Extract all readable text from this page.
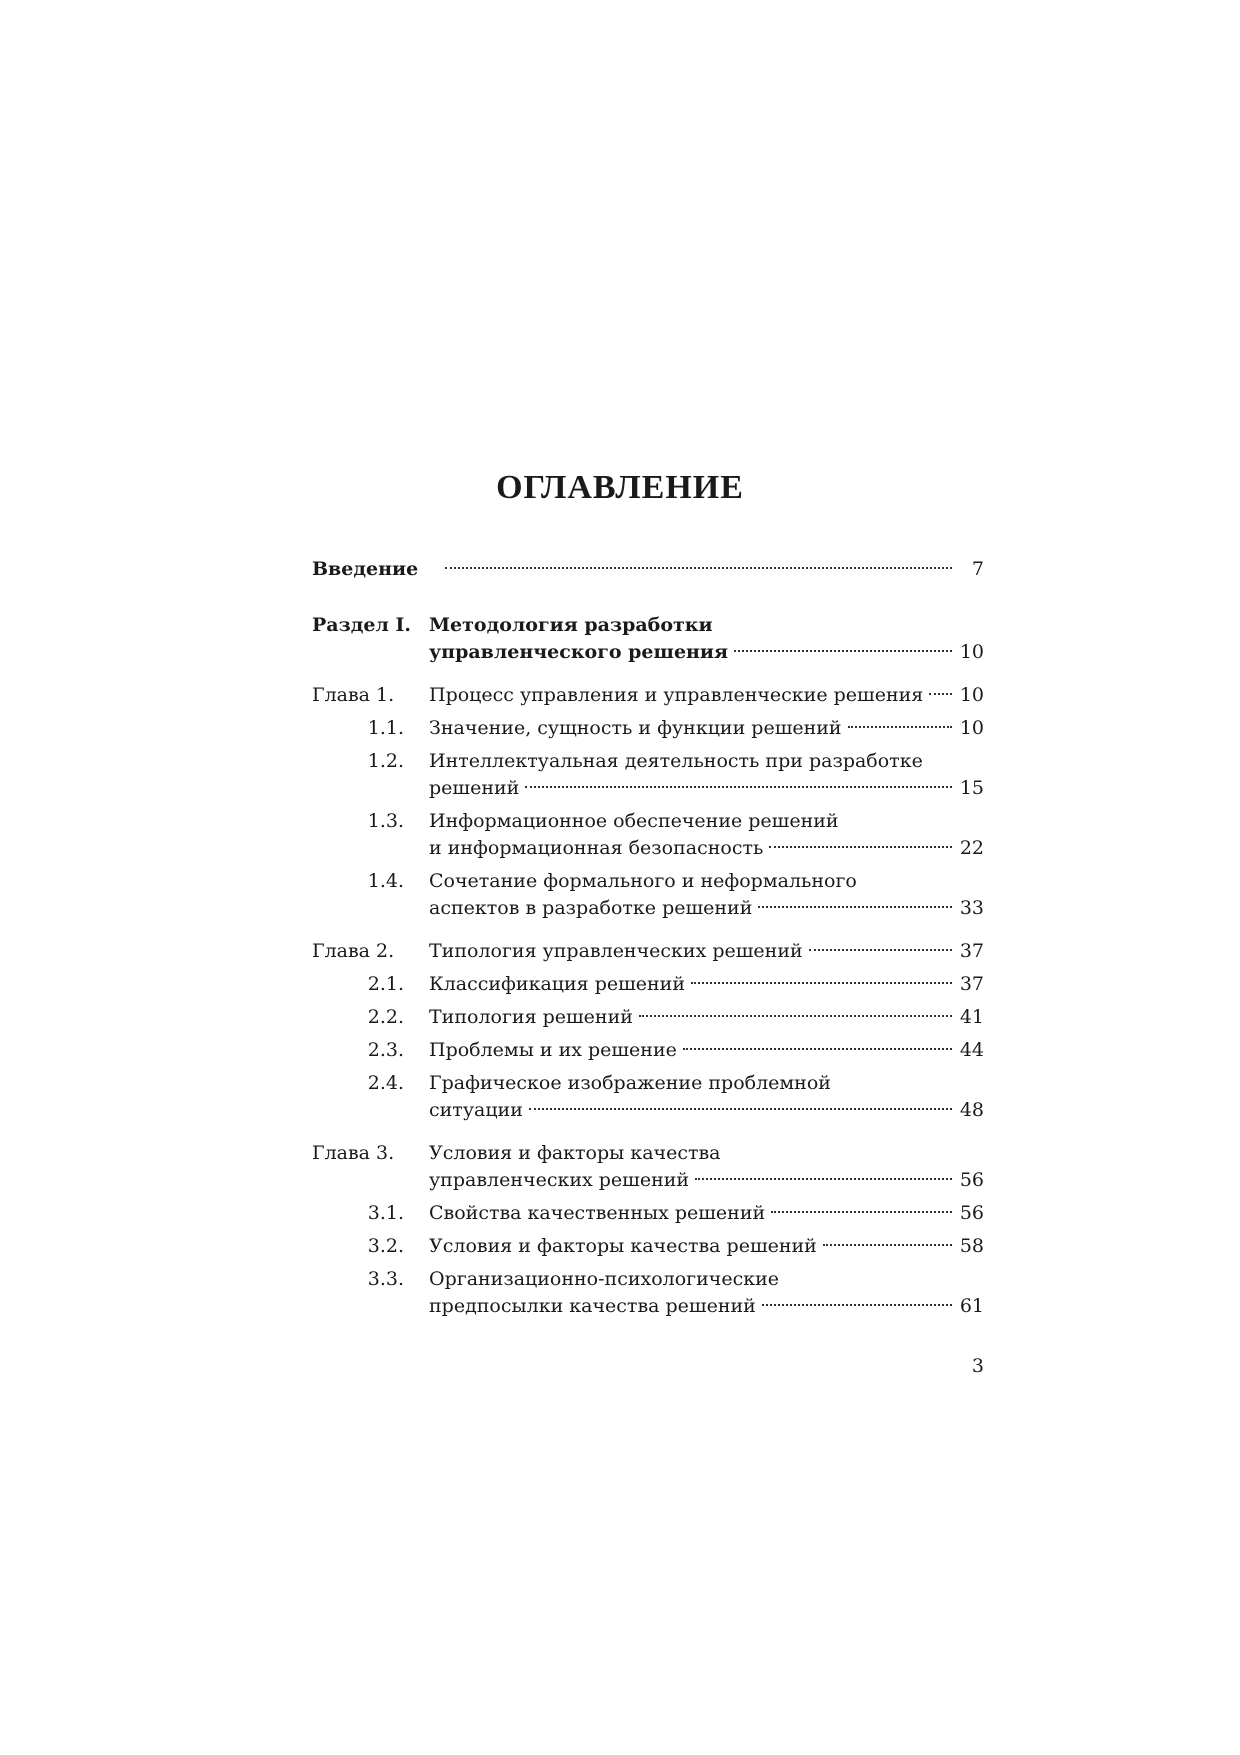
ОГЛАВЛЕНИЕ
Введение	7
Раздел I. Методология разработки
управленческого решения	10
Глава 1. Процесс управления и управленческие решения 10
1.1. Значение, сущность и функции решений	10
1.2. Интеллектуальная деятельность при разработке
решений	15
1.3. Информационное обеспечение решений
и информационная безопасность	22
1.4. Сочетание формального и неформального
аспектов в разработке решений	33
Глава 2. Типология управленческих решений	37
2.1. Классификация решений	37
2.2. Типология решений	41
2.3. Проблемы и их решение	44
2.4. Графическое изображение проблемной
ситуации	48
Глава 3. Условия и факторы качества
управленческих решений	56
3.1. Свойства качественных решений	56
3.2. Условия и факторы качества решений	58
3.3. Организационно-психологические
предпосылки качества решений	61
3
